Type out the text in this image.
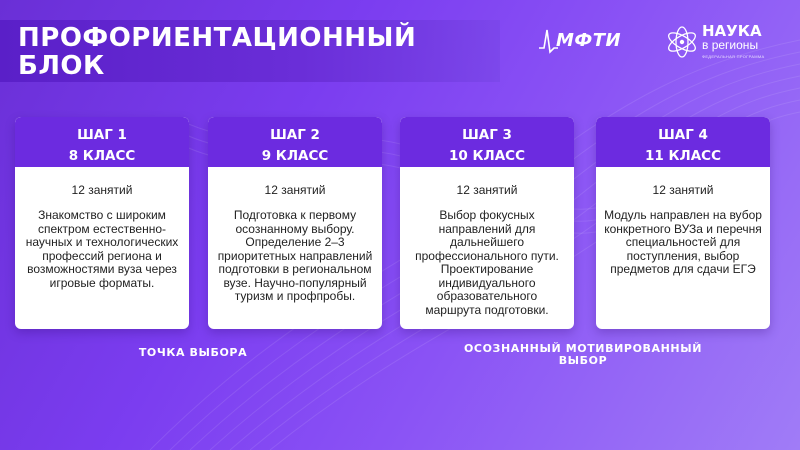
ПРОФОРИЕНТАЦИОННЫЙ БЛОК
МФТИ	НАУКА
в регионы
ФЕДЕРАЛЬНАЯ ПРОГРАММА
ШАГ 1
8 КЛАСС
12 занятий
Знакомство с широким спектром естественно-научных и технологических профессий региона и возможностями вуза через игровые форматы.
ШАГ 2
9 КЛАСС
12 занятий
Подготовка к первому осознанному выбору. Определение 2–3 приоритетных направлений подготовки в региональном вузе. Научно-популярный туризм и профпробы.
ШАГ 3
10 КЛАСС
12 занятий
Выбор фокусных направлений для дальнейшего профессионального пути. Проектирование индивидуального образовательного маршрута подготовки.
ШАГ 4
11 КЛАСС
12 занятий
Модуль направлен на вубор конкретного ВУЗа и перечня специальностей для поступления, выбор предметов для сдачи ЕГЭ
ТОЧКА ВЫБОРА	ОСОЗНАННЫЙ МОТИВИРОВАННЫЙ ВЫБОР
